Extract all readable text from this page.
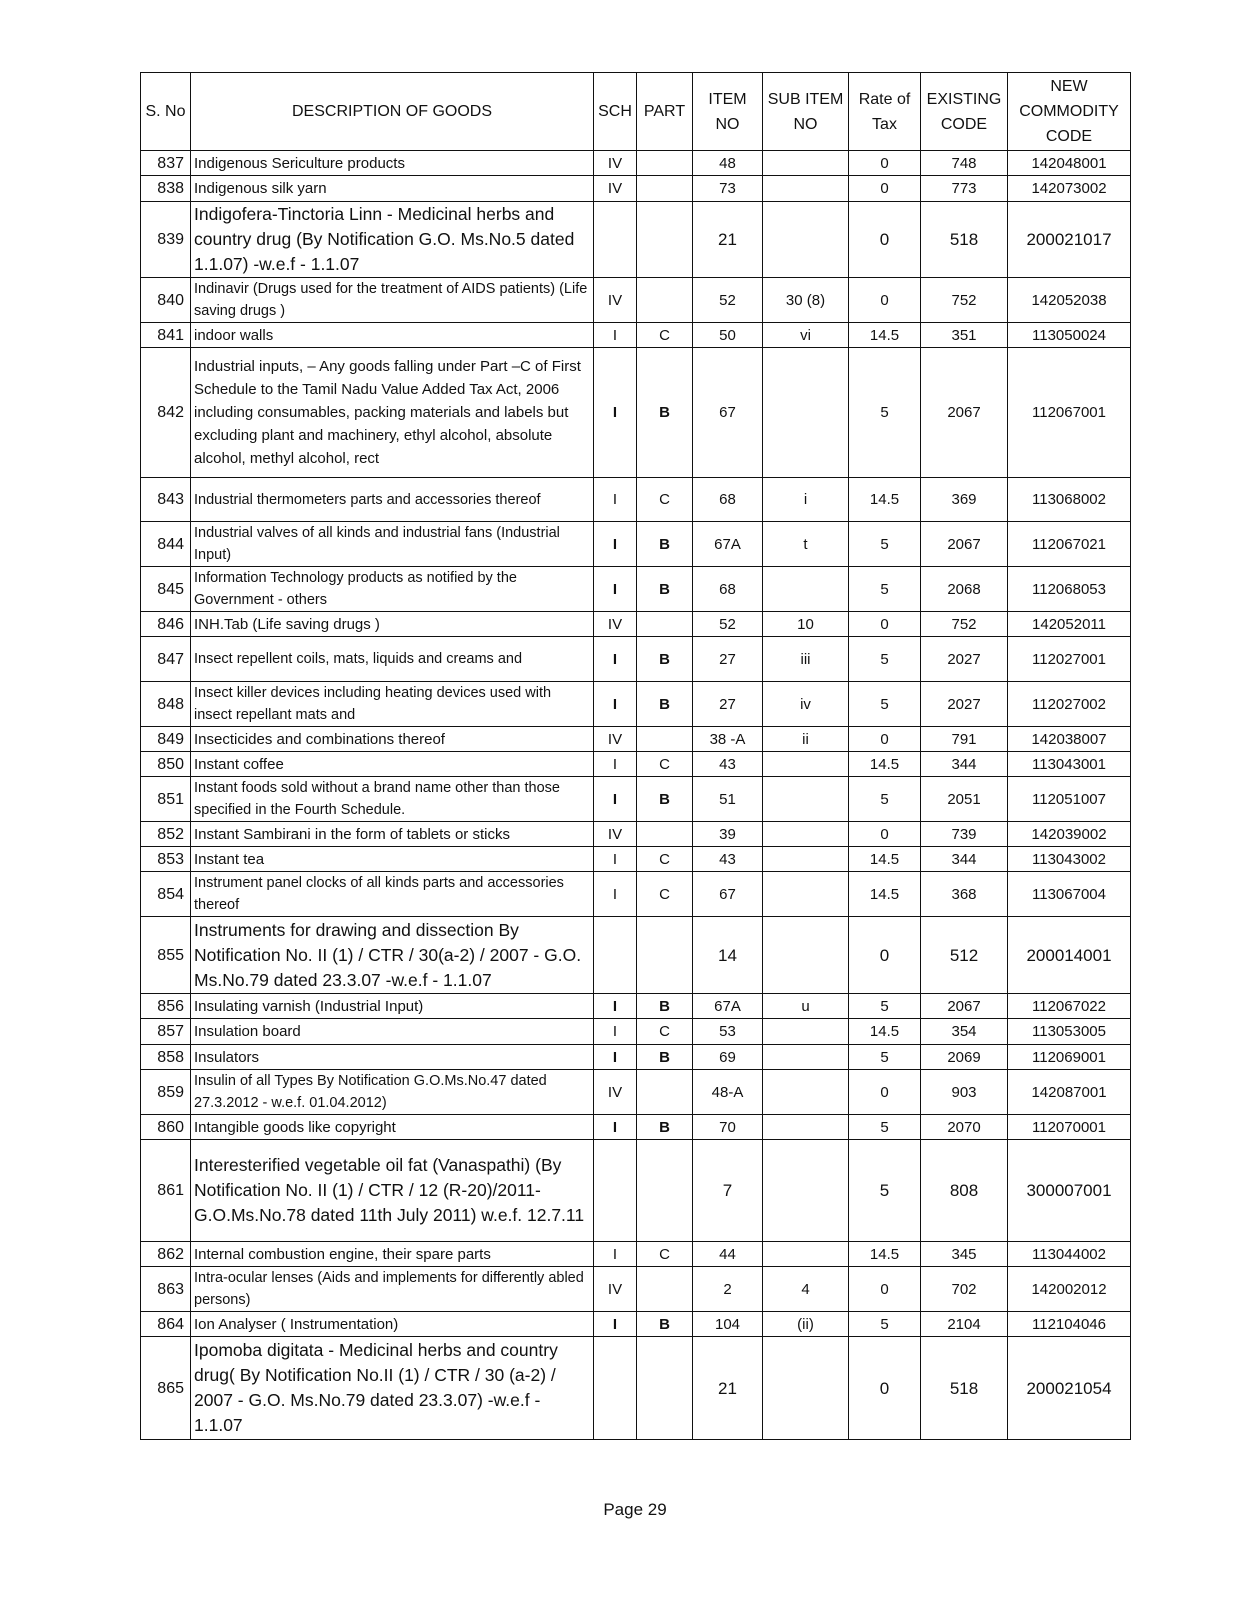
S. No	DESCRIPTION OF GOODS	SCH	PART	ITEM NO	SUB ITEM NO	Rate of Tax	EXISTING CODE	NEW COMMODITY CODE
837	Indigenous Sericulture products	IV		48		0	748	142048001
838	Indigenous silk yarn	IV		73		0	773	142073002
839	Indigofera-Tinctoria Linn - Medicinal herbs and country drug (By Notification G.O. Ms.No.5 dated 1.1.07) -w.e.f - 1.1.07			21		0	518	200021017
840	Indinavir (Drugs used for the treatment of AIDS patients) (Life saving drugs )	IV		52	30 (8)	0	752	142052038
841	indoor walls	I	C	50	vi	14.5	351	113050024
842	Industrial inputs, – Any goods falling under Part –C of First Schedule to the Tamil Nadu Value Added Tax Act, 2006 including consumables, packing materials and labels but excluding plant and machinery, ethyl alcohol, absolute alcohol, methyl alcohol, rect	I	B	67		5	2067	112067001
843	Industrial thermometers parts and accessories thereof	I	C	68	i	14.5	369	113068002
844	Industrial valves of all kinds and industrial fans (Industrial Input)	I	B	67A	t	5	2067	112067021
845	Information Technology products as notified by the Government - others	I	B	68		5	2068	112068053
846	INH.Tab (Life saving drugs )	IV		52	10	0	752	142052011
847	Insect repellent coils, mats, liquids and creams and	I	B	27	iii	5	2027	112027001
848	Insect killer devices including heating devices used with insect repellant mats and	I	B	27	iv	5	2027	112027002
849	Insecticides and combinations thereof	IV		38 -A	ii	0	791	142038007
850	Instant coffee	I	C	43		14.5	344	113043001
851	Instant foods sold without a brand name other than those specified in the Fourth Schedule.	I	B	51		5	2051	112051007
852	Instant Sambirani in the form of tablets or sticks	IV		39		0	739	142039002
853	Instant tea	I	C	43		14.5	344	113043002
854	Instrument panel clocks of all kinds parts and accessories thereof	I	C	67		14.5	368	113067004
855	Instruments for drawing and dissection By Notification No. II (1) / CTR / 30(a-2) / 2007 - G.O. Ms.No.79 dated 23.3.07 -w.e.f - 1.1.07			14		0	512	200014001
856	Insulating varnish (Industrial Input)	I	B	67A	u	5	2067	112067022
857	Insulation board	I	C	53		14.5	354	113053005
858	Insulators	I	B	69		5	2069	112069001
859	Insulin of all Types By Notification G.O.Ms.No.47 dated 27.3.2012 - w.e.f. 01.04.2012)	IV		48-A		0	903	142087001
860	Intangible goods like copyright	I	B	70		5	2070	112070001
861	Interesterified vegetable oil fat (Vanaspathi) (By Notification No. II (1) / CTR / 12 (R-20)/2011-G.O.Ms.No.78 dated 11th July 2011) w.e.f. 12.7.11			7		5	808	300007001
862	Internal combustion engine, their spare parts	I	C	44		14.5	345	113044002
863	Intra-ocular lenses (Aids and implements for differently abled persons)	IV		2	4	0	702	142002012
864	Ion Analyser ( Instrumentation)	I	B	104	(ii)	5	2104	112104046
865	Ipomoba digitata - Medicinal herbs and country drug( By Notification No.II (1) / CTR / 30 (a-2) / 2007 - G.O. Ms.No.79 dated 23.3.07) -w.e.f - 1.1.07			21		0	518	200021054
Page 29
